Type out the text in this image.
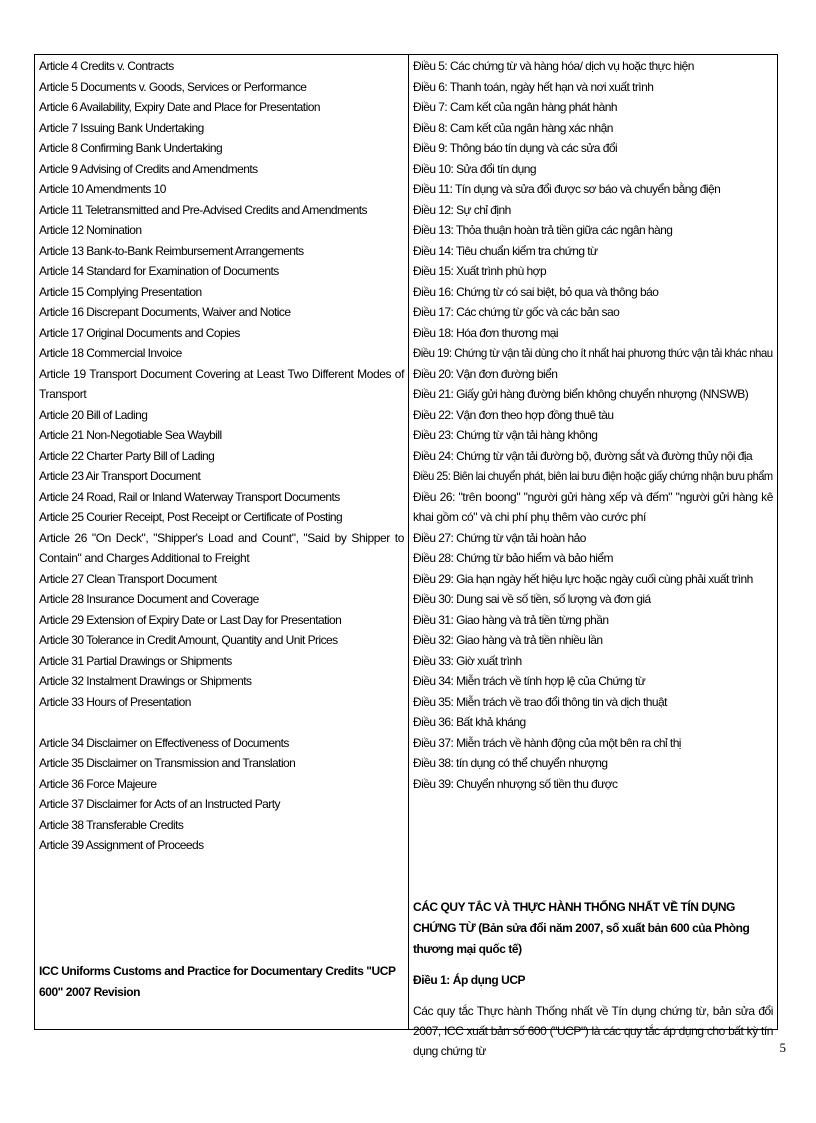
Article 4 Credits v. Contracts
Article 5 Documents v. Goods, Services or Performance
Article 6 Availability, Expiry Date and Place for Presentation
Article 7 Issuing Bank Undertaking
Article 8 Confirming Bank Undertaking
Article 9 Advising of Credits and Amendments
Article 10 Amendments 10
Article 11 Teletransmitted and Pre-Advised Credits and Amendments
Article 12 Nomination
Article 13 Bank-to-Bank Reimbursement Arrangements
Article 14 Standard for Examination of Documents
Article 15 Complying Presentation
Article 16 Discrepant Documents, Waiver and Notice
Article 17 Original Documents and Copies
Article 18 Commercial Invoice
Article 19 Transport Document Covering at Least Two Different Modes of Transport
Article 20 Bill of Lading
Article 21 Non-Negotiable Sea Waybill
Article 22 Charter Party Bill of Lading
Article 23 Air Transport Document
Article 24 Road, Rail or Inland Waterway Transport Documents
Article 25 Courier Receipt, Post Receipt or Certificate of Posting
Article 26 "On Deck", "Shipper's Load and Count", "Said by Shipper to Contain" and Charges Additional to Freight
Article 27 Clean Transport Document
Article 28 Insurance Document and Coverage
Article 29 Extension of Expiry Date or Last Day for Presentation
Article 30 Tolerance in Credit Amount, Quantity and Unit Prices
Article 31 Partial Drawings or Shipments
Article 32 Instalment Drawings or Shipments
Article 33 Hours of Presentation
Article 34 Disclaimer on Effectiveness of Documents
Article 35 Disclaimer on Transmission and Translation
Article 36 Force Majeure
Article 37 Disclaimer for Acts of an Instructed Party
Article 38 Transferable Credits
Article 39 Assignment of Proceeds
ICC Uniforms Customs and Practice for Documentary Credits "UCP 600" 2007 Revision
Điều 5: Các chứng từ và hàng hóa/ dịch vụ hoặc thực hiện
Điều 6: Thanh toán, ngày hết hạn và nơi xuất trình
Điều 7: Cam kết của ngân hàng phát hành
Điều 8: Cam kết của ngân hàng xác nhận
Điều 9: Thông báo tín dụng và các sửa đổi
Điều 10: Sửa đổi tín dụng
Điều 11: Tín dụng và sửa đổi được sơ báo và chuyển bằng điện
Điều 12: Sự chỉ định
Điều 13: Thỏa thuận hoàn trả tiền giữa các ngân hàng
Điều 14: Tiêu chuẩn kiểm tra chứng từ
Điều 15: Xuất trình phù hợp
Điều 16: Chứng từ có sai biệt, bỏ qua và thông báo
Điều 17: Các chứng từ gốc và các bản sao
Điều 18: Hóa đơn thương mại
Điều 19: Chứng từ vận tải dùng cho ít nhất hai phương thức vận tải khác nhau
Điều 20: Vận đơn đường biển
Điều 21: Giấy gửi hàng đường biển không chuyển nhượng (NNSWB)
Điều 22: Vận đơn theo hợp đồng thuê tàu
Điều 23: Chứng từ vận tải hàng không
Điều 24: Chứng từ vận tải đường bộ, đường sắt và đường thủy nội địa
Điều 25: Biên lai chuyển phát, biên lai bưu điện hoặc giấy chứng nhận bưu phẩm
Điều 26: "trên boong" "người gửi hàng xếp và đếm" "người gửi hàng kê khai gồm có" và chi phí phụ thêm vào cước phí
Điều 27: Chứng từ vận tải hoàn hảo
Điều 28: Chứng từ bảo hiểm và bảo hiểm
Điều 29: Gia hạn ngày hết hiệu lực hoặc ngày cuối cùng phải xuất trình
Điều 30: Dung sai về số tiền, số lượng và đơn giá
Điều 31: Giao hàng và trả tiền từng phần
Điều 32: Giao hàng và trả tiền nhiều lần
Điều 33: Giờ xuất trình
Điều 34: Miễn trách về tính hợp lệ của Chứng từ
Điều 35: Miễn trách về trao đổi thông tin và dịch thuật
Điều 36: Bất khả kháng
Điều 37: Miễn trách về hành động của một bên ra chỉ thị
Điều 38: tín dụng có thể chuyển nhượng
Điều 39: Chuyển nhượng số tiền thu được
CÁC QUY TẮC VÀ THỰC HÀNH THỐNG NHẤT VỀ TÍN DỤNG CHỨNG TỪ (Bản sửa đổi năm 2007, số xuất bản 600 của Phòng thương mại quốc tế)
Điều 1: Áp dụng UCP
Các quy tắc Thực hành Thống nhất về Tín dụng chứng từ, bản sửa đổi 2007, ICC xuất bản số 600 ("UCP") là các quy tắc áp dụng cho bất kỳ tín dụng chứng từ	5
